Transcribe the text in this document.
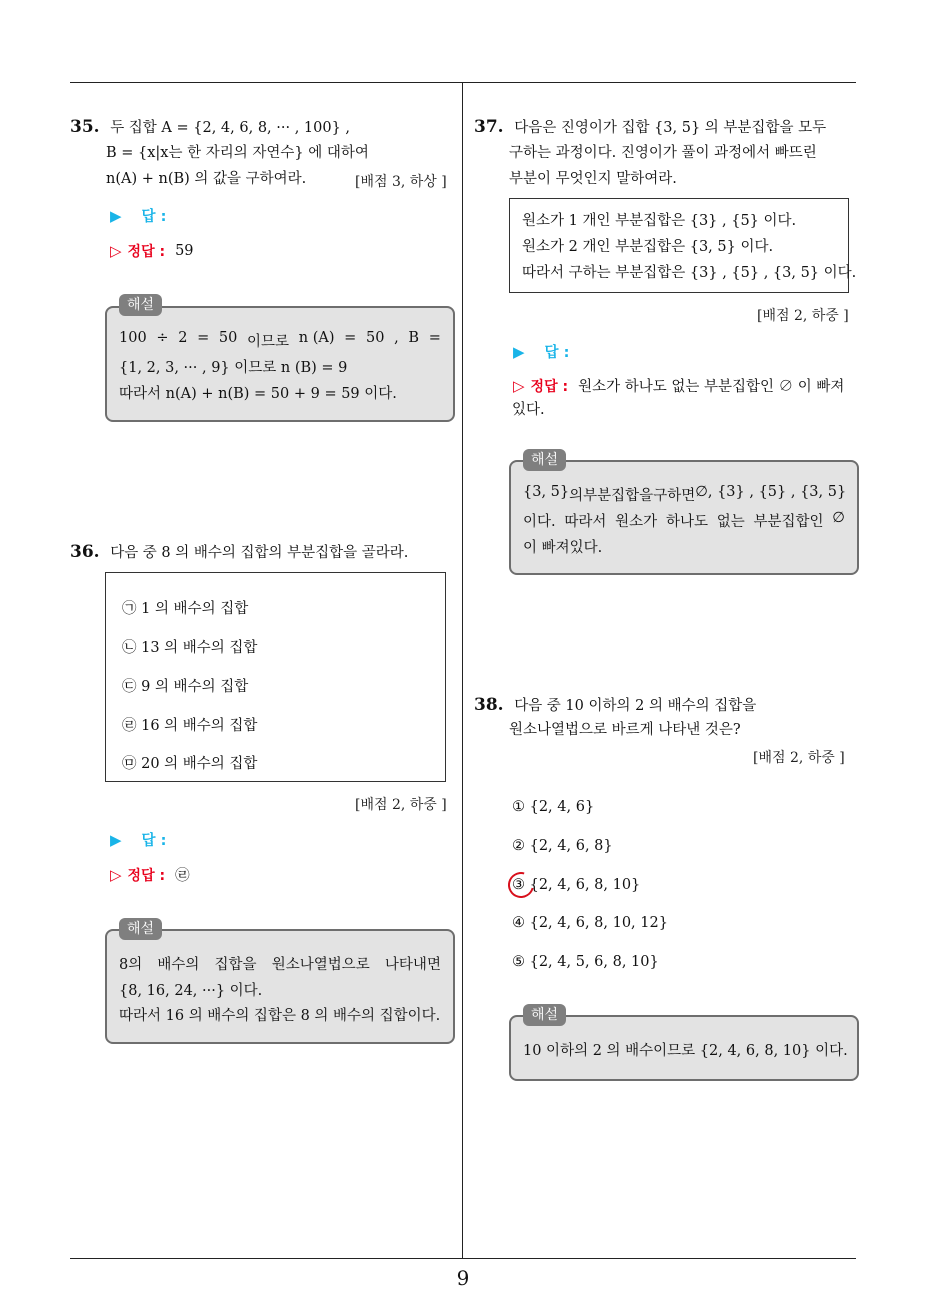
9
35. 두 집합 A = {2, 4, 6, 8, ··· , 100} ,
B = {x|x는 한 자리의 자연수} 에 대하여
n(A) + n(B) 의 값을 구하여라.	[배점 3, 하상 ]
▶ 답 :
▷ 정답 : 59
100 ÷ 2 = 50 이므로 n (A) = 50 , B =
{1, 2, 3, ··· , 9} 이므로 n (B) = 9
따라서 n(A) + n(B) = 50 + 9 = 59 이다.
해설
36. 다음 중 8 의 배수의 집합의 부분집합을 골라라.
㉠ 1 의 배수의 집합
㉡ 13 의 배수의 집합
㉢ 9 의 배수의 집합
㉣ 16 의 배수의 집합
㉤ 20 의 배수의 집합
[배점 2, 하중 ]
▶ 답 :
▷ 정답 : ㉣
8의 배수의 집합을 원소나열법으로 나타내면
{8, 16, 24, ···} 이다.
따라서 16 의 배수의 집합은 8 의 배수의 집합이다.
해설
37. 다음은 진영이가 집합 {3, 5} 의 부분집합을 모두
구하는 과정이다. 진영이가 풀이 과정에서 빠뜨린
부분이 무엇인지 말하여라.
원소가 1 개인 부분집합은 {3} , {5} 이다.
원소가 2 개인 부분집합은 {3, 5} 이다.
따라서 구하는 부분집합은 {3} , {5} , {3, 5} 이다.
[배점 2, 하중 ]
▶ 답 :
▷ 정답 : 원소가 하나도 없는 부분집합인 ∅ 이 빠져
있다.
{3, 5} 의 부분집합을 구하면 ∅, {3} , {5} , {3, 5}
이다. 따라서 원소가 하나도 없는 부분집합인 ∅
이 빠져있다.
해설
38. 다음 중 10 이하의 2 의 배수의 집합을
원소나열법으로 바르게 나타낸 것은?
[배점 2, 하중 ]
① {2, 4, 6}
② {2, 4, 6, 8}
③ {2, 4, 6, 8, 10}
④ {2, 4, 6, 8, 10, 12}
⑤ {2, 4, 5, 6, 8, 10}
10 이하의 2 의 배수이므로 {2, 4, 6, 8, 10} 이다.
해설
